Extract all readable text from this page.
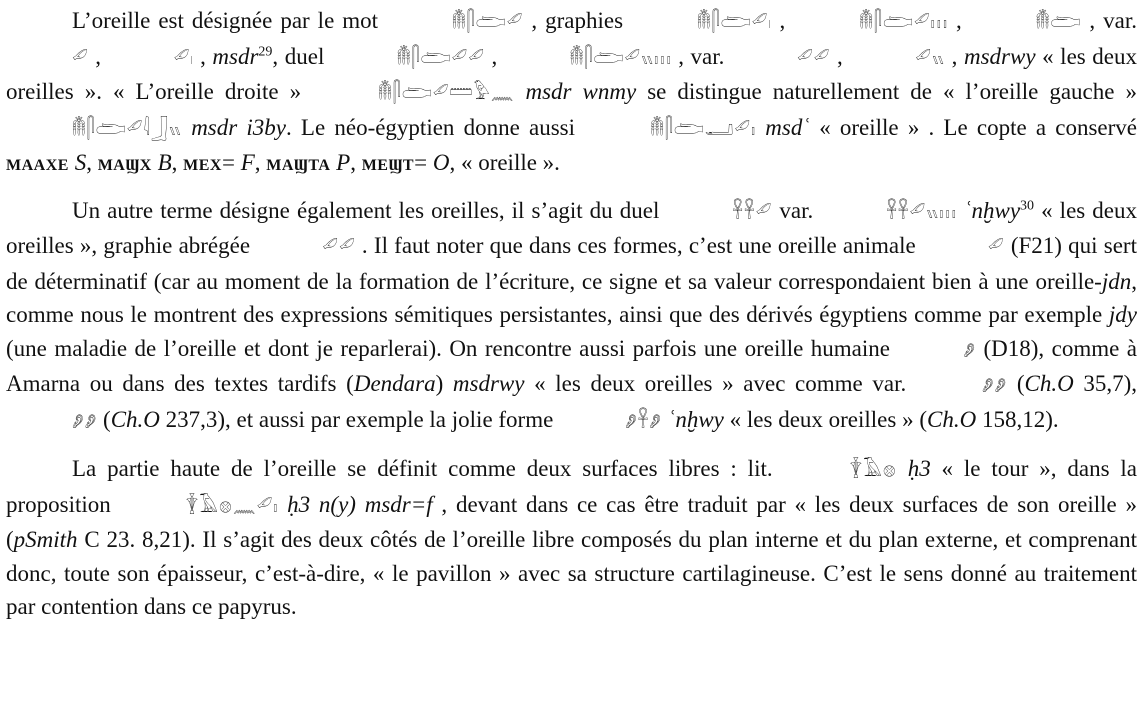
L’oreille est désignée par le mot	𓄟𓋴𓂧𓄔 , graphies	𓄟𓋴𓂧𓄔𓏺 ,	𓄟𓋴𓂧𓄔𓏥 ,	𓄟𓂧 , var. 𓄔 ,	𓄔𓏺 , msdr$^{29}$, duel	𓄟𓋴𓂧𓄔𓄔 ,	𓄟𓋴𓂧𓄔𓏭𓏥 , var.	𓄔𓄔 ,	𓄔𓏭 , msdrwy « les deux oreilles ». « L’oreille droite »	𓄟𓋴𓂧𓄔𓏠𓅱𓈖 msdr wnmy se distingue naturellement de « l’oreille gauche » 𓄟𓋴𓂧𓄔𓇋𓃀𓏭 msdr i3by. Le néo-égyptien donne aussi	𓄟𓋴𓂧𓂝𓄔𓏤 msdʿ « oreille » . Le copte a conservé maaxe S, maϣx B, mex= F, maϣta P, meϣt= O, « oreille ».

Un autre terme désigne également les oreilles, il s’agit du duel	𓋹𓋹𓄔 var.	𓋹𓋹𓄔𓏭𓏥 ʿnḫwy$^{30}$ « les deux oreilles », graphie abrégée	𓄔𓄔 . Il faut noter que dans ces formes, c’est une oreille animale	𓄔 (F21) qui sert de déterminatif (car au moment de la formation de l’écriture, ce signe et sa valeur correspondaient bien à une oreille-jdn, comme nous le montrent des expressions sémitiques persistantes, ainsi que des dérivés égyptiens comme par exemple jdy (une maladie de l’oreille et dont je reparlerai). On rencontre aussi parfois une oreille humaine	𓂈 (D18), comme à Amarna ou dans des textes tardifs (Dendara) msdrwy « les deux oreilles » avec comme var.	𓂈𓂈 (Ch.O 35,7), 𓂈𓂈 (Ch.O 237,3), et aussi par exemple la jolie forme	𓂈𓋹𓂈 ʿnḫwy « les deux oreilles » (Ch.O 158,12).

La partie haute de l’oreille se définit comme deux surfaces libres : lit.	𓇉𓄿𓊖 ḥ3 « le tour », dans la proposition	𓇉𓄿𓊖𓈖𓄔𓏤 ḥ3 n(y) msdr=f , devant dans ce cas être traduit par « les deux surfaces de son oreille » (pSmith C 23. 8,21). Il s’agit des deux côtés de l’oreille libre composés du plan interne et du plan externe, et comprenant donc, toute son épaisseur, c’est-à-dire, « le pavillon » avec sa structure cartilagineuse. C’est le sens donné au traitement par contention dans ce papyrus.
